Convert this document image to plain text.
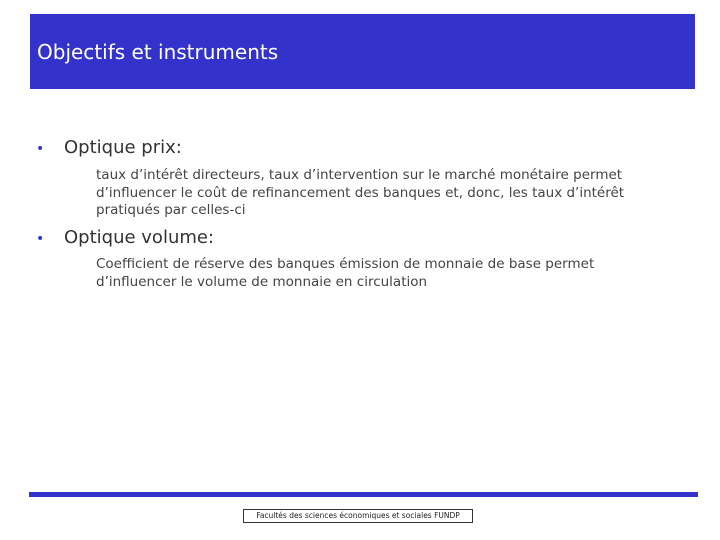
Objectifs et instruments
•	Optique prix:
taux d’intérêt directeurs, taux d’intervention sur le marché monétaire permet d’influencer le coût de refinancement des banques et, donc, les taux d’intérêt pratiqués par celles-ci
•	Optique volume:
Coefficient de réserve des banques émission de monnaie de base permet d’influencer le volume de monnaie en circulation
Facultés des sciences économiques et sociales FUNDP
